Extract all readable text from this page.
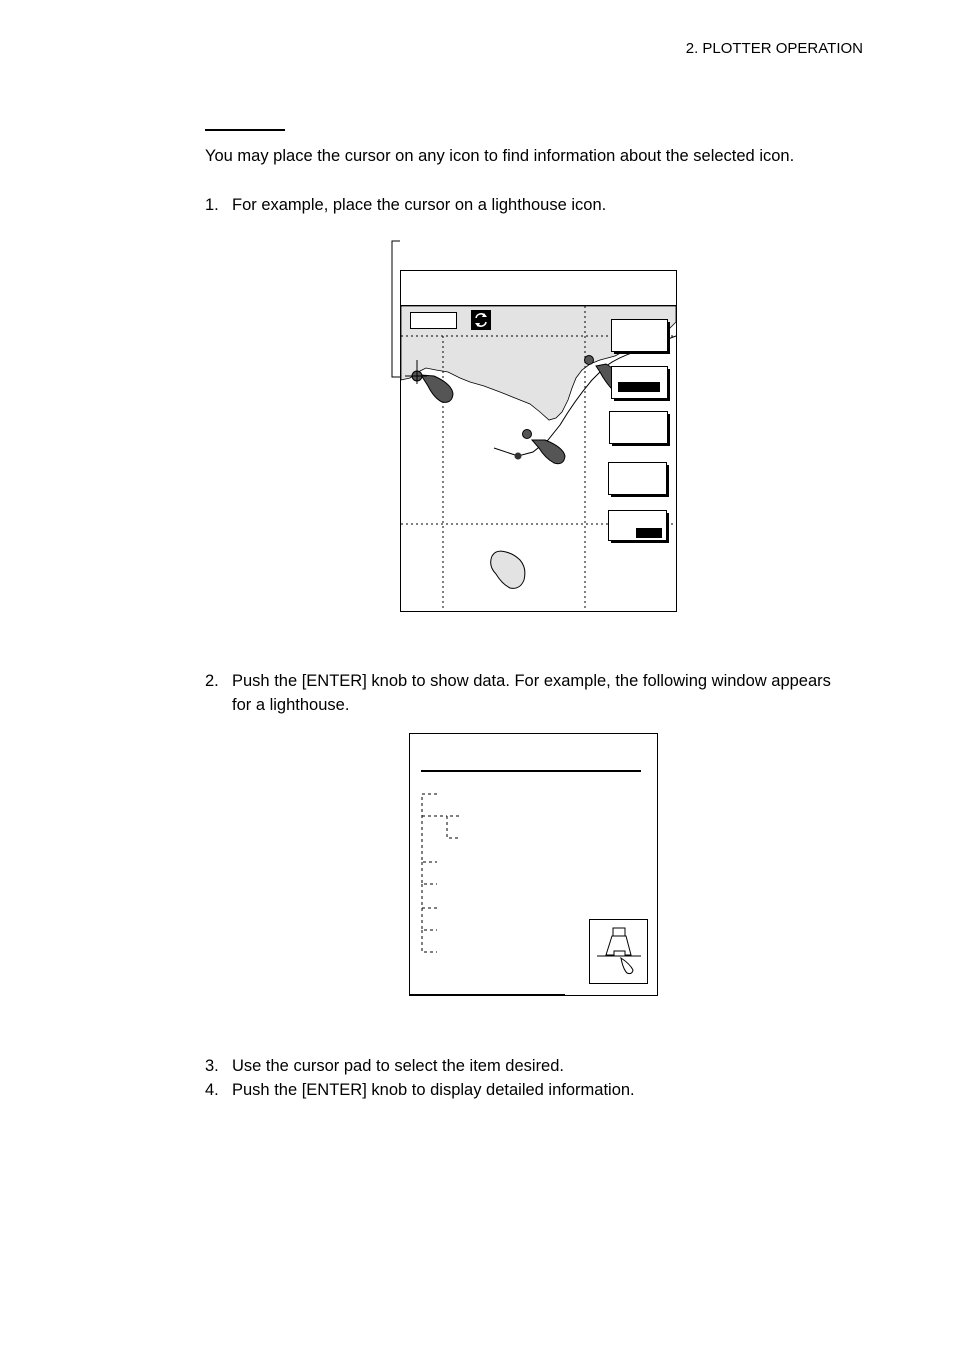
2. PLOTTER OPERATION
You may place the cursor on any icon to find information about the selected icon.
1. For example, place the cursor on a lighthouse icon.
2. Push the [ENTER] knob to show data. For example, the following window appears for a lighthouse.
3. Use the cursor pad to select the item desired.
4. Push the [ENTER] knob to display detailed information.
